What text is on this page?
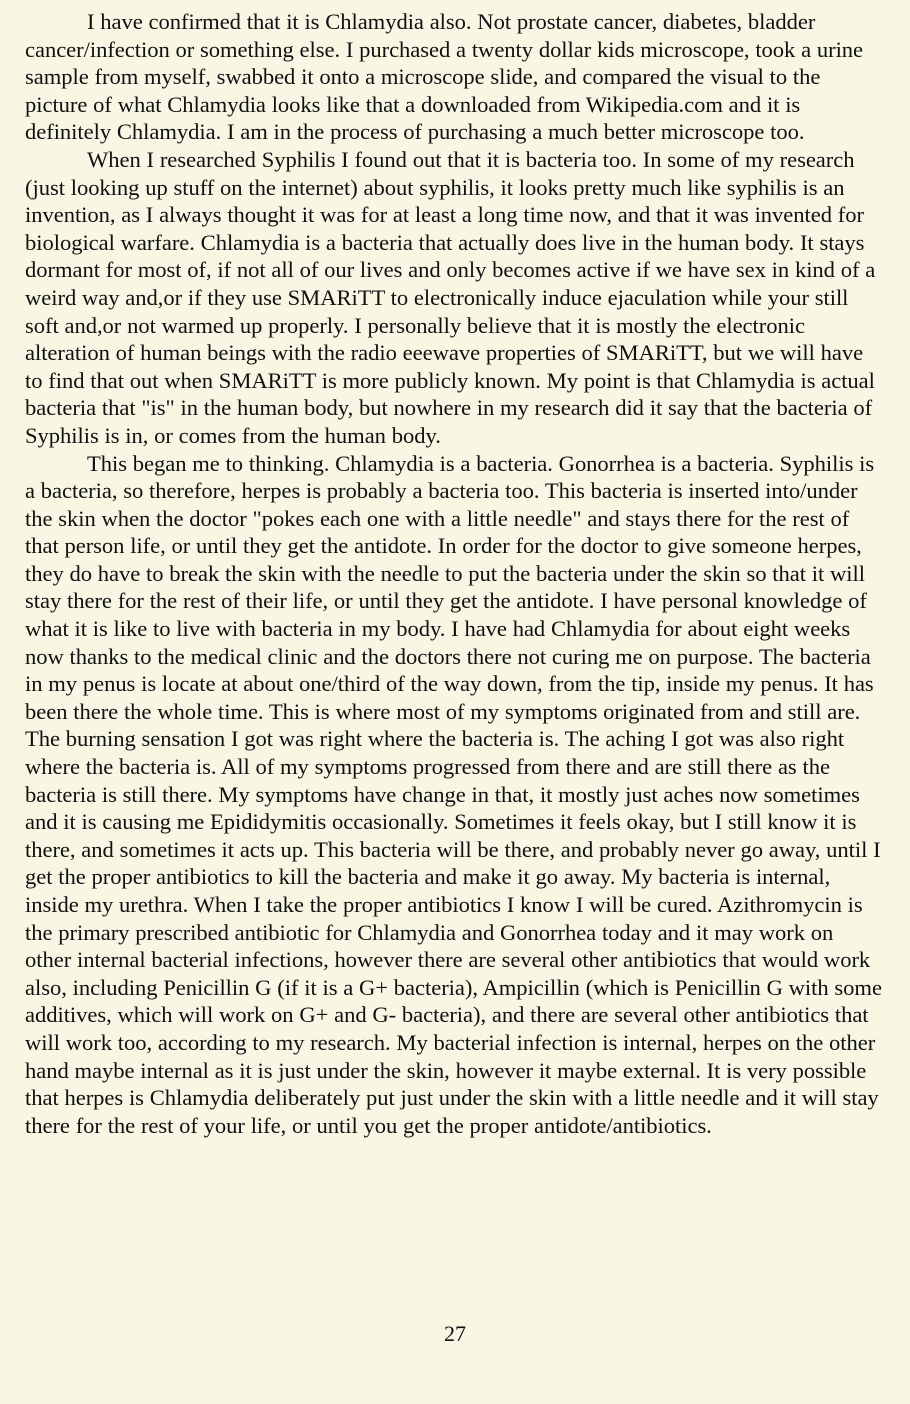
I have confirmed that it is Chlamydia also. Not prostate cancer, diabetes, bladder cancer/infection or something else. I purchased a twenty dollar kids microscope, took a urine sample from myself, swabbed it onto a microscope slide, and compared the visual to the picture of what Chlamydia looks like that a downloaded from Wikipedia.com and it is definitely Chlamydia. I am in the process of purchasing a much better microscope too.

When I researched Syphilis I found out that it is bacteria too. In some of my research (just looking up stuff on the internet) about syphilis, it looks pretty much like syphilis is an invention, as I always thought it was for at least a long time now, and that it was invented for biological warfare. Chlamydia is a bacteria that actually does live in the human body. It stays dormant for most of, if not all of our lives and only becomes active if we have sex in kind of a weird way and,or if they use SMARiTT to electronically induce ejaculation while your still soft and,or not warmed up properly. I personally believe that it is mostly the electronic alteration of human beings with the radio eeewave properties of SMARiTT, but we will have to find that out when SMARiTT is more publicly known. My point is that Chlamydia is actual bacteria that "is" in the human body, but nowhere in my research did it say that the bacteria of Syphilis is in, or comes from the human body.

This began me to thinking. Chlamydia is a bacteria. Gonorrhea is a bacteria. Syphilis is a bacteria, so therefore, herpes is probably a bacteria too. This bacteria is inserted into/under the skin when the doctor "pokes each one with a little needle" and stays there for the rest of that person life, or until they get the antidote. In order for the doctor to give someone herpes, they do have to break the skin with the needle to put the bacteria under the skin so that it will stay there for the rest of their life, or until they get the antidote. I have personal knowledge of what it is like to live with bacteria in my body. I have had Chlamydia for about eight weeks now thanks to the medical clinic and the doctors there not curing me on purpose. The bacteria in my penus is locate at about one/third of the way down, from the tip, inside my penus. It has been there the whole time. This is where most of my symptoms originated from and still are. The burning sensation I got was right where the bacteria is. The aching I got was also right where the bacteria is. All of my symptoms progressed from there and are still there as the bacteria is still there. My symptoms have change in that, it mostly just aches now sometimes and it is causing me Epididymitis occasionally. Sometimes it feels okay, but I still know it is there, and sometimes it acts up. This bacteria will be there, and probably never go away, until I get the proper antibiotics to kill the bacteria and make it go away. My bacteria is internal, inside my urethra. When I take the proper antibiotics I know I will be cured. Azithromycin is the primary prescribed antibiotic for Chlamydia and Gonorrhea today and it may work on other internal bacterial infections, however there are several other antibiotics that would work also, including Penicillin G (if it is a G+ bacteria), Ampicillin (which is Penicillin G with some additives, which will work on G+ and G- bacteria), and there are several other antibiotics that will work too, according to my research. My bacterial infection is internal, herpes on the other hand maybe internal as it is just under the skin, however it maybe external. It is very possible that herpes is Chlamydia deliberately put just under the skin with a little needle and it will stay there for the rest of your life, or until you get the proper antidote/antibiotics.

27
